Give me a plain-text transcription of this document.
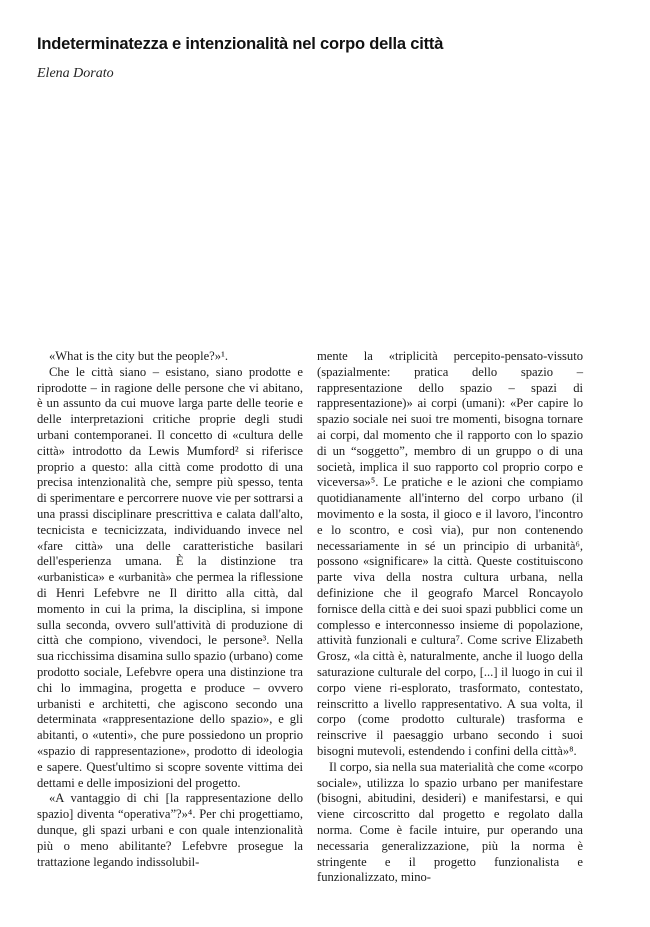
Indeterminatezza e intenzionalità nel corpo della città
Elena Dorato

«What is the city but the people?»¹.

Che le città siano – esistano, siano prodotte e riprodotte – in ragione delle persone che vi abitano, è un assunto da cui muove larga parte delle teorie e delle interpretazioni critiche proprie degli studi urbani contemporanei. Il concetto di «cultura delle città» introdotto da Lewis Mumford² si riferisce proprio a questo: alla città come prodotto di una precisa intenzionalità che, sempre più spesso, tenta di sperimentare e percorrere nuove vie per sottrarsi a una prassi disciplinare prescrittiva e calata dall'alto, tecnicista e tecnicizzata, individuando invece nel «fare città» una delle caratteristiche basilari dell'esperienza umana. È la distinzione tra «urbanistica» e «urbanità» che permea la riflessione di Henri Lefebvre ne Il diritto alla città, dal momento in cui la prima, la disciplina, si impone sulla seconda, ovvero sull'attività di produzione di città che compiono, vivendoci, le persone³. Nella sua ricchissima disamina sullo spazio (urbano) come prodotto sociale, Lefebvre opera una distinzione tra chi lo immagina, progetta e produce – ovvero urbanisti e architetti, che agiscono secondo una determinata «rappresentazione dello spazio», e gli abitanti, o «utenti», che pure possiedono un proprio «spazio di rappresentazione», prodotto di ideologia e sapere. Quest'ultimo si scopre sovente vittima dei dettami e delle imposizioni del progetto.

«A vantaggio di chi [la rappresentazione dello spazio] diventa “operativa”?»⁴. Per chi progettiamo, dunque, gli spazi urbani e con quale intenzionalità più o meno abilitante? Lefebvre prosegue la trattazione legando indissolubil-

mente la «triplicità percepito-pensato-vissuto (spazialmente: pratica dello spazio – rappresentazione dello spazio – spazi di rappresentazione)» ai corpi (umani): «Per capire lo spazio sociale nei suoi tre momenti, bisogna tornare ai corpi, dal momento che il rapporto con lo spazio di un “soggetto”, membro di un gruppo o di una società, implica il suo rapporto col proprio corpo e viceversa»⁵. Le pratiche e le azioni che compiamo quotidianamente all'interno del corpo urbano (il movimento e la sosta, il gioco e il lavoro, l'incontro e lo scontro, e così via), pur non contenendo necessariamente in sé un principio di urbanità⁶, possono «significare» la città. Queste costituiscono parte viva della nostra cultura urbana, nella definizione che il geografo Marcel Roncayolo fornisce della città e dei suoi spazi pubblici come un complesso e interconnesso insieme di popolazione, attività funzionali e cultura⁷. Come scrive Elizabeth Grosz, «la città è, naturalmente, anche il luogo della saturazione culturale del corpo, [...] il luogo in cui il corpo viene ri-esplorato, trasformato, contestato, reinscritto a livello rappresentativo. A sua volta, il corpo (come prodotto culturale) trasforma e reinscrive il paesaggio urbano secondo i suoi bisogni mutevoli, estendendo i confini della città»⁸.

Il corpo, sia nella sua materialità che come «corpo sociale», utilizza lo spazio urbano per manifestare (bisogni, abitudini, desideri) e manifestarsi, e qui viene circoscritto dal progetto e regolato dalla norma. Come è facile intuire, pur operando una necessaria generalizzazione, più la norma è stringente e il progetto funzionalista e funzionalizzato, mino-
